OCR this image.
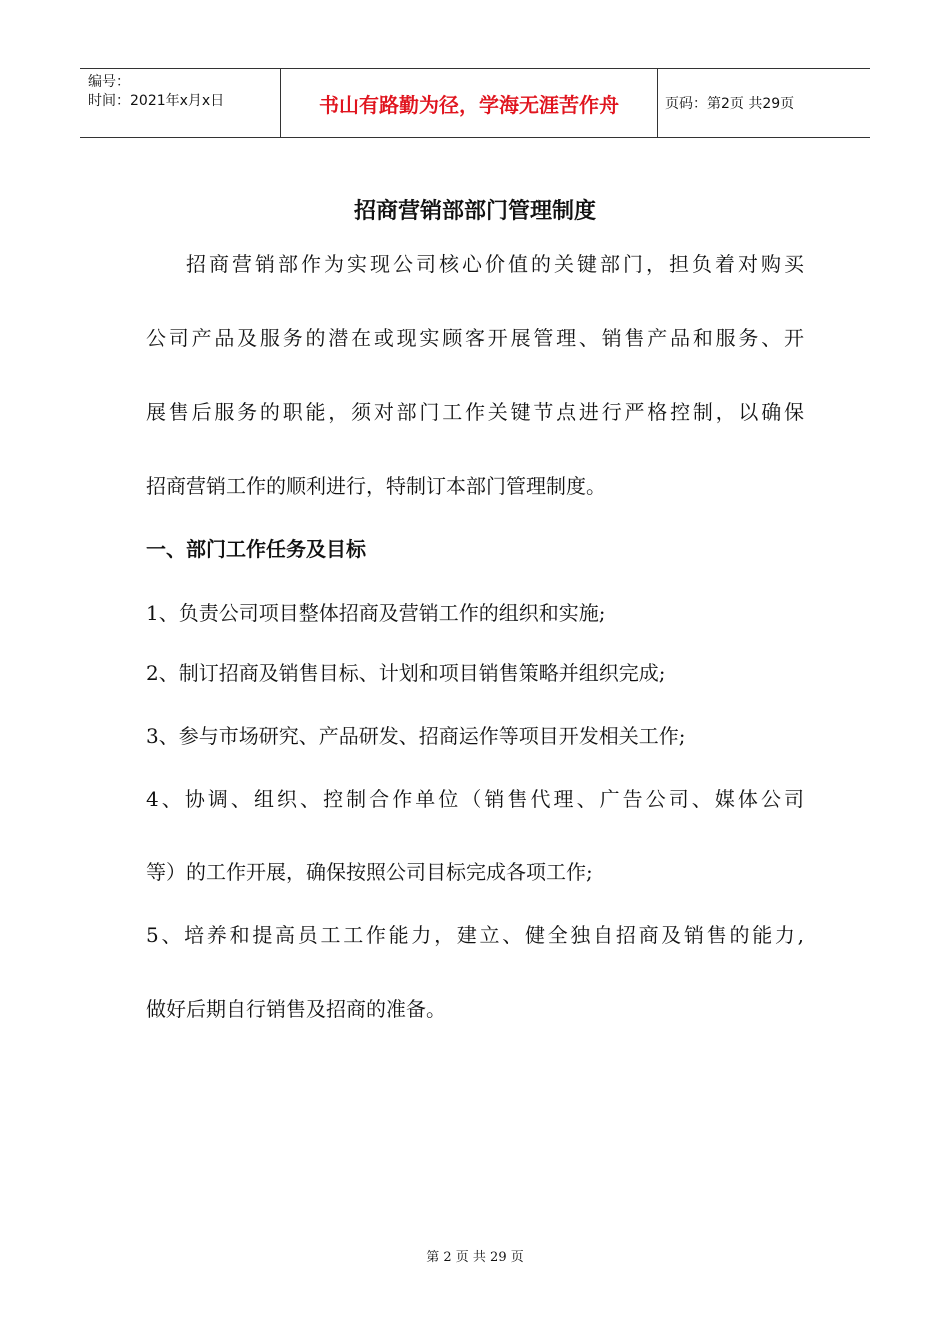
编号：
时间：2021年x月x日	书山有路勤为径，学海无涯苦作舟	页码：第2页 共29页
招商营销部部门管理制度
招商营销部作为实现公司核心价值的关键部门，担负着对购买
公司产品及服务的潜在或现实顾客开展管理、销售产品和服务、开
展售后服务的职能，须对部门工作关键节点进行严格控制，以确保
招商营销工作的顺利进行，特制订本部门管理制度。
一、部门工作任务及目标
1、负责公司项目整体招商及营销工作的组织和实施;
2、制订招商及销售目标、计划和项目销售策略并组织完成;
3、参与市场研究、产品研发、招商运作等项目开发相关工作;
4、协调、组织、控制合作单位（销售代理、广告公司、媒体公司
等）的工作开展，确保按照公司目标完成各项工作;
5、培养和提高员工工作能力，建立、健全独自招商及销售的能力,
做好后期自行销售及招商的准备。
第 2 页 共 29 页
